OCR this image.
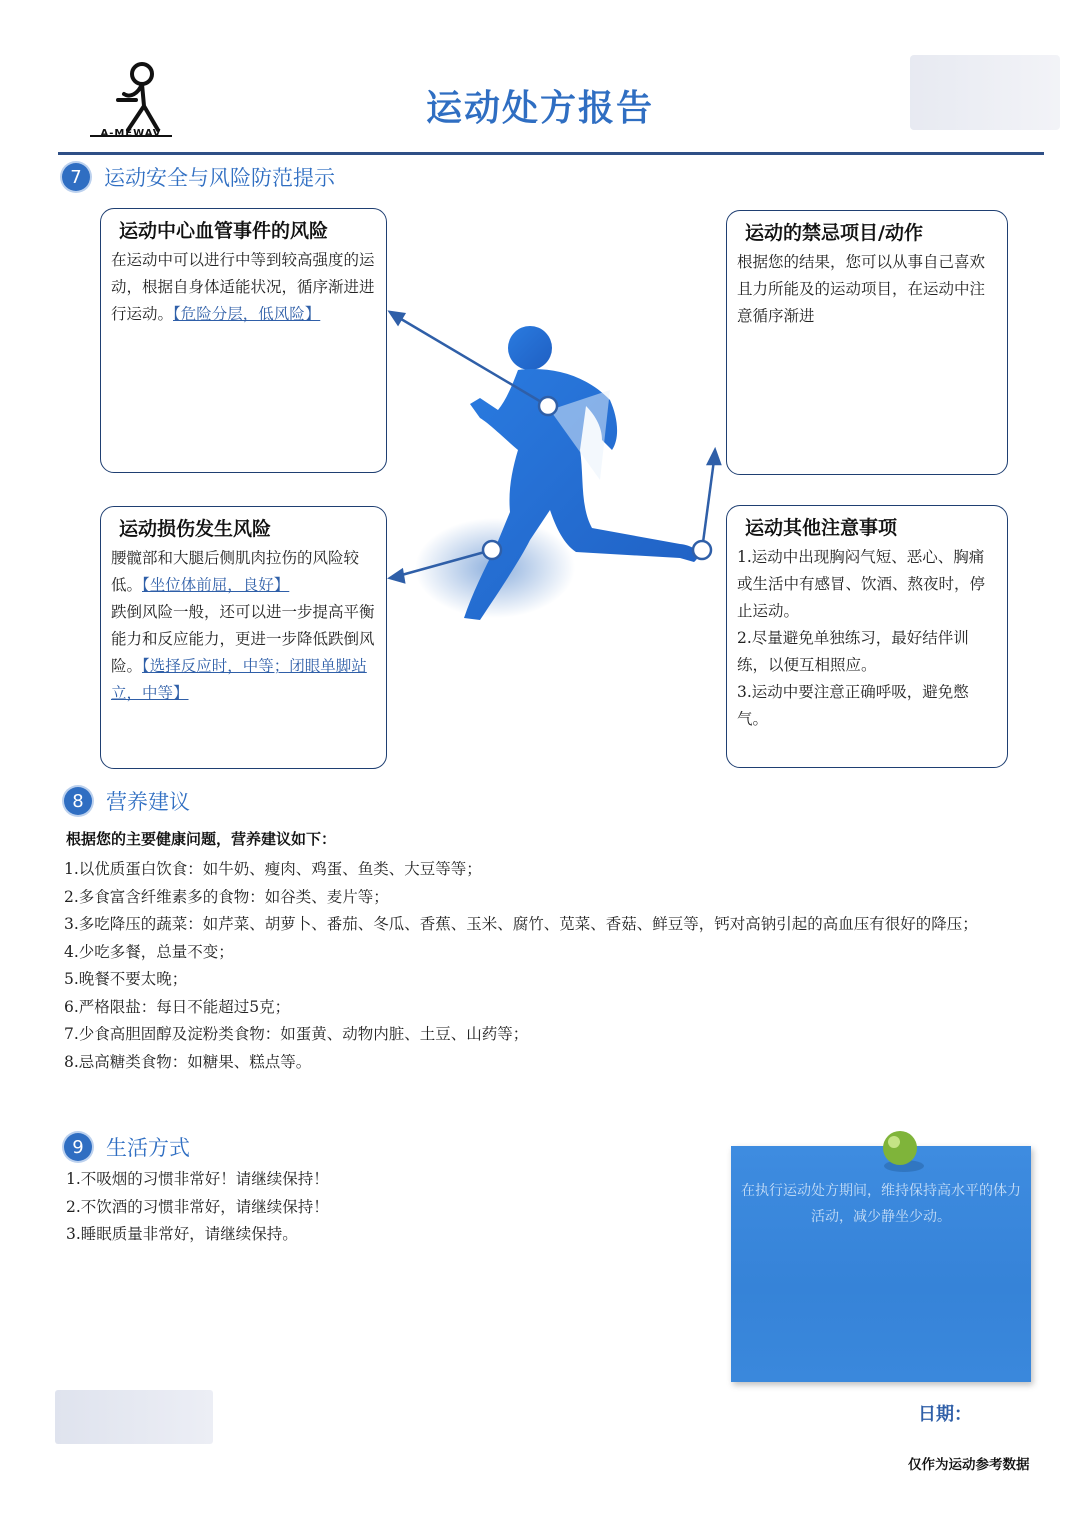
A-MEWAV
运动处方报告
7	运动安全与风险防范提示
运动中心血管事件的风险
在运动中可以进行中等到较高强度的运动，根据自身体适能状况，循序渐进进行运动。【危险分层，低风险】
运动的禁忌项目/动作
根据您的结果，您可以从事自己喜欢且力所能及的运动项目，在运动中注意循序渐进
运动损伤发生风险
腰髋部和大腿后侧肌肉拉伤的风险较低。【坐位体前屈，良好】
跌倒风险一般，还可以进一步提高平衡能力和反应能力，更进一步降低跌倒风险。【选择反应时，中等；闭眼单脚站立，中等】
运动其他注意事项
1.运动中出现胸闷气短、恶心、胸痛或生活中有感冒、饮酒、熬夜时，停止运动。
2.尽量避免单独练习，最好结伴训练，以便互相照应。
3.运动中要注意正确呼吸，避免憋气。
8	营养建议
根据您的主要健康问题，营养建议如下：
1.以优质蛋白饮食：如牛奶、瘦肉、鸡蛋、鱼类、大豆等等；
2.多食富含纤维素多的食物：如谷类、麦片等；
3.多吃降压的蔬菜：如芹菜、胡萝卜、番茄、冬瓜、香蕉、玉米、腐竹、苋菜、香菇、鲜豆等，钙对高钠引起的高血压有很好的降压；
4.少吃多餐，总量不变；
5.晚餐不要太晚；
6.严格限盐：每日不能超过5克；
7.少食高胆固醇及淀粉类食物：如蛋黄、动物内脏、土豆、山药等；
8.忌高糖类食物：如糖果、糕点等。
9	生活方式
1.不吸烟的习惯非常好！请继续保持！
2.不饮酒的习惯非常好，请继续保持！
3.睡眠质量非常好，请继续保持。
在执行运动处方期间，维持保持高水平的体力活动，减少静坐少动。
日期：
仅作为运动参考数据
